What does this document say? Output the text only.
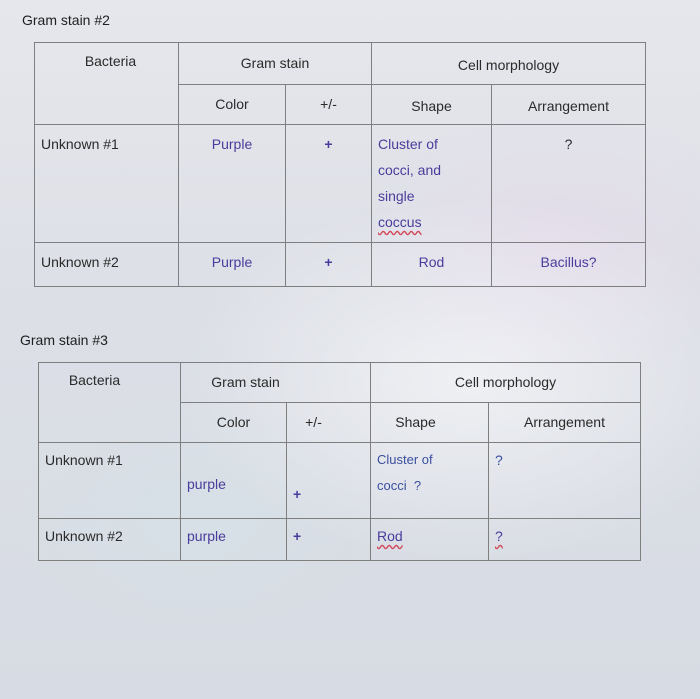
Gram stain #2
Bacteria	Gram stain		Cell morphology	

	Color	+/-	Shape	Arrangement

Unknown #1	Purple	+	Cluster of
cocci, and
single
coccus	?

Unknown #2	Purple	+	Rod	Bacillus?
Gram stain #3
Bacteria	Gram stain		Cell morphology	

	Color	+/-	Shape	Arrangement

Unknown #1	purple	+	Cluster of
cocci  ?	?

Unknown #2	purple	+	Rod	?
